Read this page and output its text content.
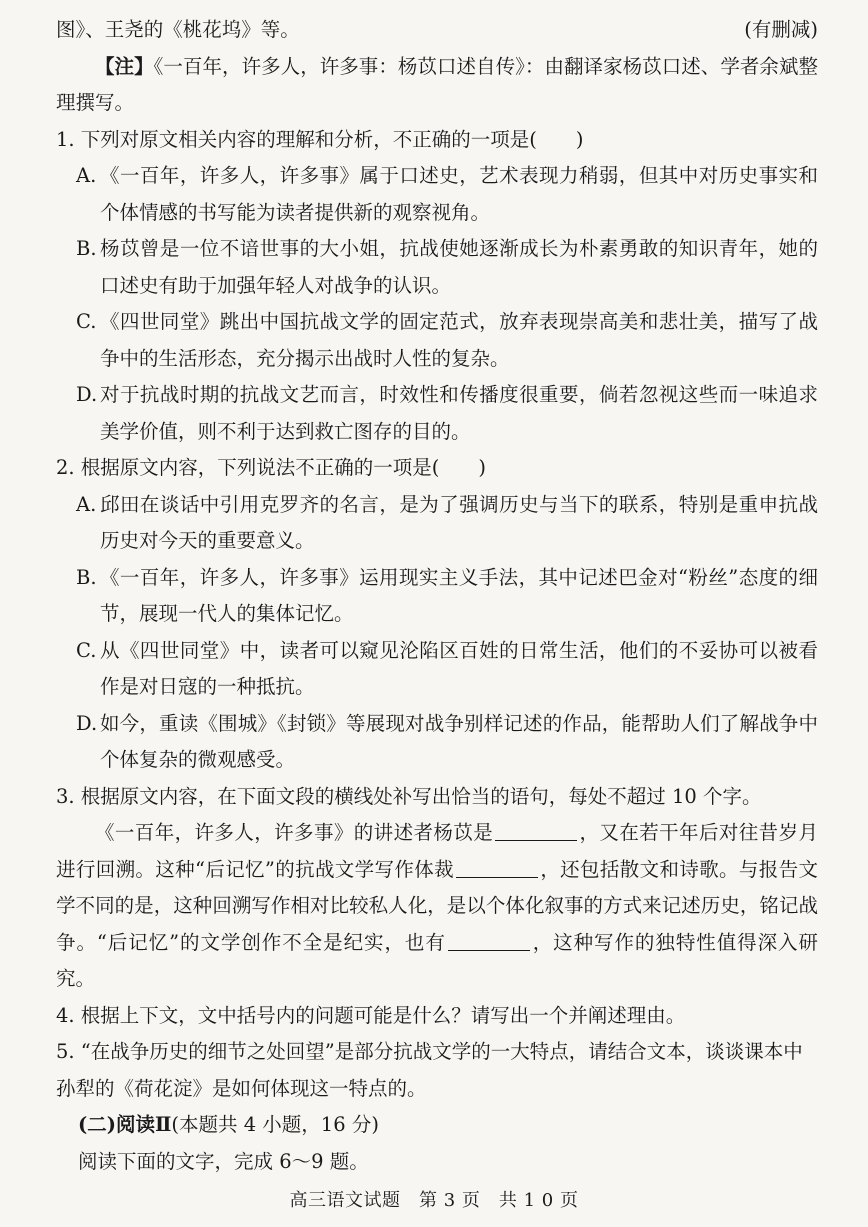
图》、王尧的《桃花坞》等。	(有删减)
【注】《一百年，许多人，许多事：杨苡口述自传》：由翻译家杨苡口述、学者余斌整理撰写。
1. 下列对原文相关内容的理解和分析，不正确的一项是(　　)
A. 《一百年，许多人，许多事》属于口述史，艺术表现力稍弱，但其中对历史事实和个体情感的书写能为读者提供新的观察视角。
B. 杨苡曾是一位不谙世事的大小姐，抗战使她逐渐成长为朴素勇敢的知识青年，她的口述史有助于加强年轻人对战争的认识。
C. 《四世同堂》跳出中国抗战文学的固定范式，放弃表现崇高美和悲壮美，描写了战争中的生活形态，充分揭示出战时人性的复杂。
D. 对于抗战时期的抗战文艺而言，时效性和传播度很重要，倘若忽视这些而一味追求美学价值，则不利于达到救亡图存的目的。
2. 根据原文内容，下列说法不正确的一项是(　　)
A. 邱田在谈话中引用克罗齐的名言，是为了强调历史与当下的联系，特别是重申抗战历史对今天的重要意义。
B. 《一百年，许多人，许多事》运用现实主义手法，其中记述巴金对“粉丝”态度的细节，展现一代人的集体记忆。
C. 从《四世同堂》中，读者可以窥见沦陷区百姓的日常生活，他们的不妥协可以被看作是对日寇的一种抵抗。
D. 如今，重读《围城》《封锁》等展现对战争别样记述的作品，能帮助人们了解战争中个体复杂的微观感受。
3. 根据原文内容，在下面文段的横线处补写出恰当的语句，每处不超过 10 个字。
《一百年，许多人，许多事》的讲述者杨苡是	，又在若干年后对往昔岁月进行回溯。这种“后记忆”的抗战文学写作体裁	，还包括散文和诗歌。与报告文学不同的是，这种回溯写作相对比较私人化，是以个体化叙事的方式来记述历史，铭记战争。“后记忆”的文学创作不全是纪实，也有	，这种写作的独特性值得深入研究。
4. 根据上下文，文中括号内的问题可能是什么？请写出一个并阐述理由。
5. “在战争历史的细节之处回望”是部分抗战文学的一大特点，请结合文本，谈谈课本中孙犁的《荷花淀》是如何体现这一特点的。
(二)阅读Ⅱ(本题共 4 小题，16 分)
阅读下面的文字，完成 6～9 题。
高三语文试题　第 3 页　共 1 0 页
